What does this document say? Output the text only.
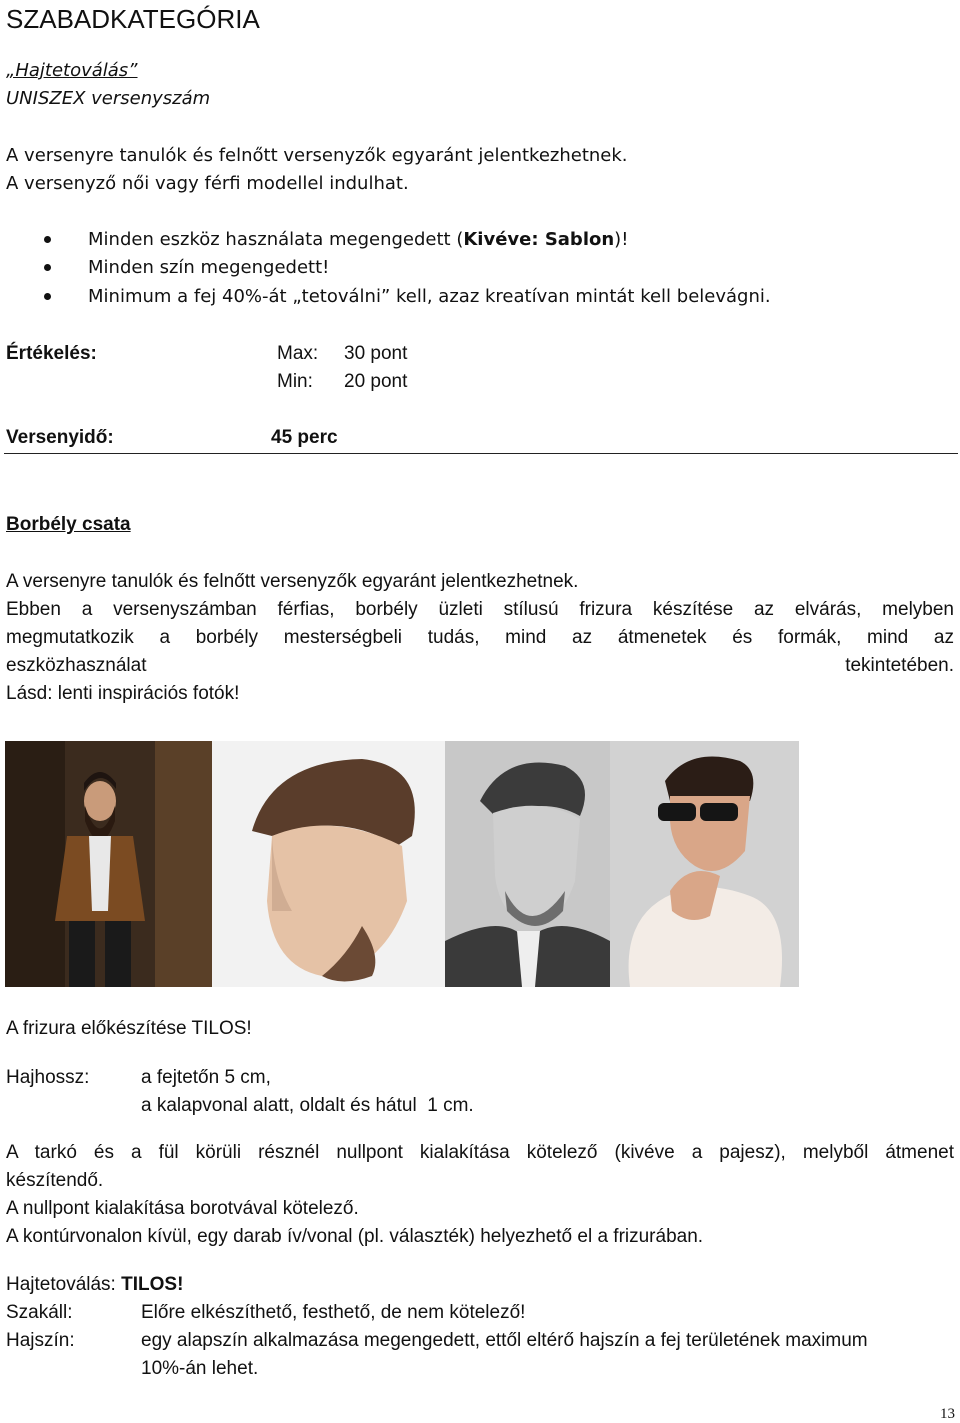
SZABADKATEGÓRIA
„Hajtetoválás”
UNISZEX versenyszám
A versenyre tanulók és felnőtt versenyzők egyaránt jelentkezhetnek.
A versenyző női vagy férfi modellel indulhat.
Minden eszköz használata megengedett (Kivéve: Sablon)!
Minden szín megengedett!
Minimum a fej 40%-át „tetoválni” kell, azaz kreatívan mintát kell belevágni.
Értékelés:	Max: 30 pont
Min: 20 pont
Versenyidő:	45 perc
Borbély csata
A versenyre tanulók és felnőtt versenyzők egyaránt jelentkezhetnek.
Ebben a versenyszámban férfias, borbély üzleti stílusú frizura készítése az elvárás, melyben
megmutatkozik a borbély mesterségbeli tudás, mind az átmenetek és formák, mind az
eszközhasználat	tekintetében.
Lásd: lenti inspirációs fotók!
A frizura előkészítése TILOS!
Hajhossz:	a fejtetőn 5 cm,
a kalapvonal alatt, oldalt és hátul  1 cm.
A tarkó és a fül körüli résznél nullpont kialakítása kötelező (kivéve a pajesz), melyből átmenet
készítendő.
A nullpont kialakítása borotvával kötelező.
A kontúrvonalon kívül, egy darab ív/vonal (pl. választék) helyezhető el a frizurában.
Hajtetoválás: TILOS!
Szakáll:	Előre elkészíthető, festhető, de nem kötelező!
Hajszín:	egy alapszín alkalmazása megengedett, ettől eltérő hajszín a fej területének maximum
10%-án lehet.
13
